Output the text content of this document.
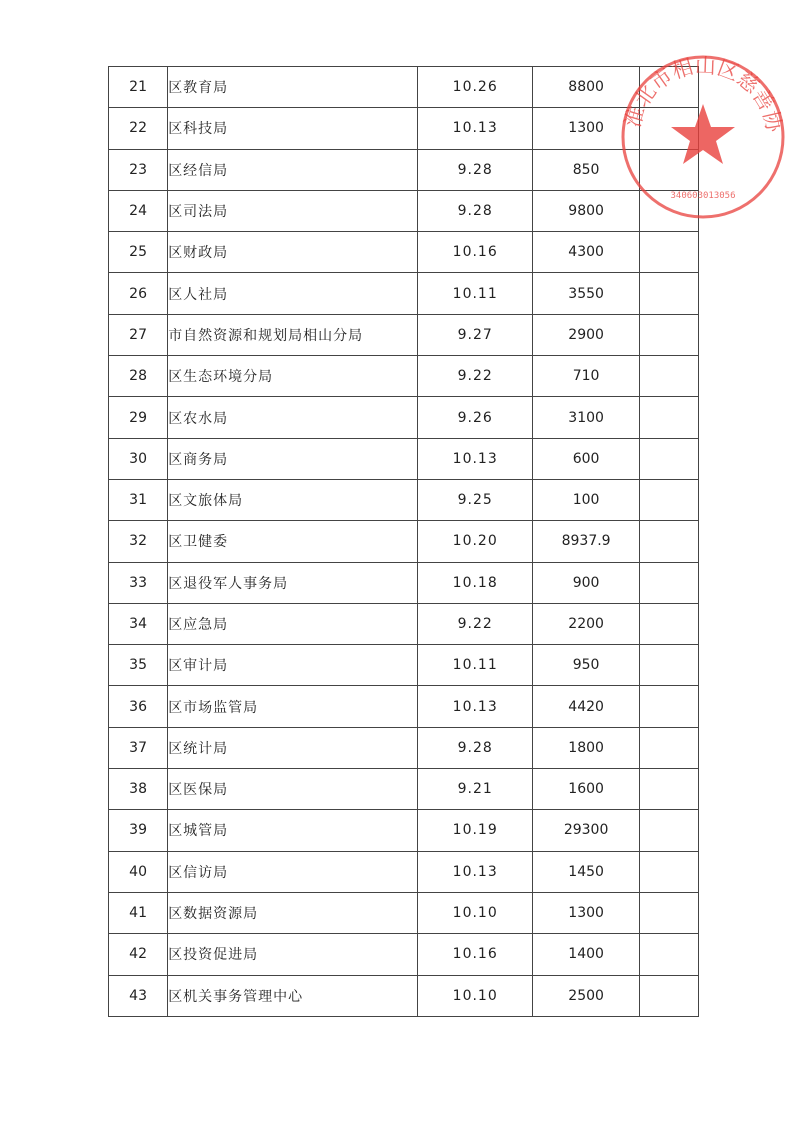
21	区教育局	10.26	8800	
22	区科技局	10.13	1300	
23	区经信局	9.28	850	
24	区司法局	9.28	9800	
25	区财政局	10.16	4300	
26	区人社局	10.11	3550	
27	市自然资源和规划局相山分局	9.27	2900	
28	区生态环境分局	9.22	710	
29	区农水局	9.26	3100	
30	区商务局	10.13	600	
31	区文旅体局	9.25	100	
32	区卫健委	10.20	8937.9	
33	区退役军人事务局	10.18	900	
34	区应急局	9.22	2200	
35	区审计局	10.11	950	
36	区市场监管局	10.13	4420	
37	区统计局	9.28	1800	
38	区医保局	9.21	1600	
39	区城管局	10.19	29300	
40	区信访局	10.13	1450	
41	区数据资源局	10.10	1300	
42	区投资促进局	10.16	1400	
43	区机关事务管理中心	10.10	2500	
淮北市相山区慈善协
340603013056
